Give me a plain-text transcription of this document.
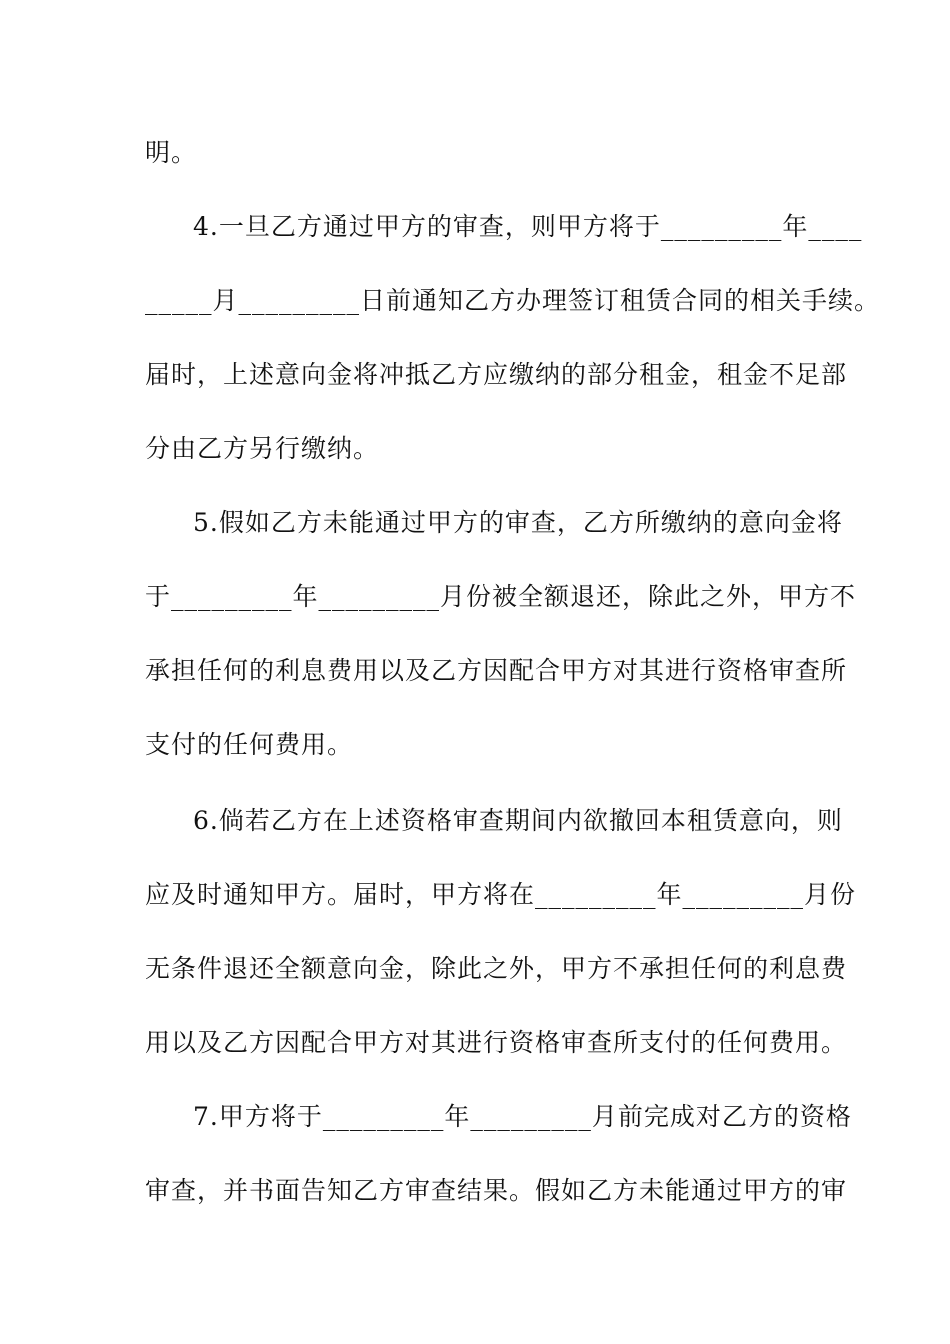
明。
4.一旦乙方通过甲方的审查，则甲方将于_________年____
_____月_________日前通知乙方办理签订租赁合同的相关手续。
届时，上述意向金将冲抵乙方应缴纳的部分租金，租金不足部
分由乙方另行缴纳。
5.假如乙方未能通过甲方的审查，乙方所缴纳的意向金将
于_________年_________月份被全额退还，除此之外，甲方不
承担任何的利息费用以及乙方因配合甲方对其进行资格审查所
支付的任何费用。
6.倘若乙方在上述资格审查期间内欲撤回本租赁意向，则
应及时通知甲方。届时，甲方将在_________年_________月份
无条件退还全额意向金，除此之外，甲方不承担任何的利息费
用以及乙方因配合甲方对其进行资格审查所支付的任何费用。
7.甲方将于_________年_________月前完成对乙方的资格
审查，并书面告知乙方审查结果。假如乙方未能通过甲方的审
